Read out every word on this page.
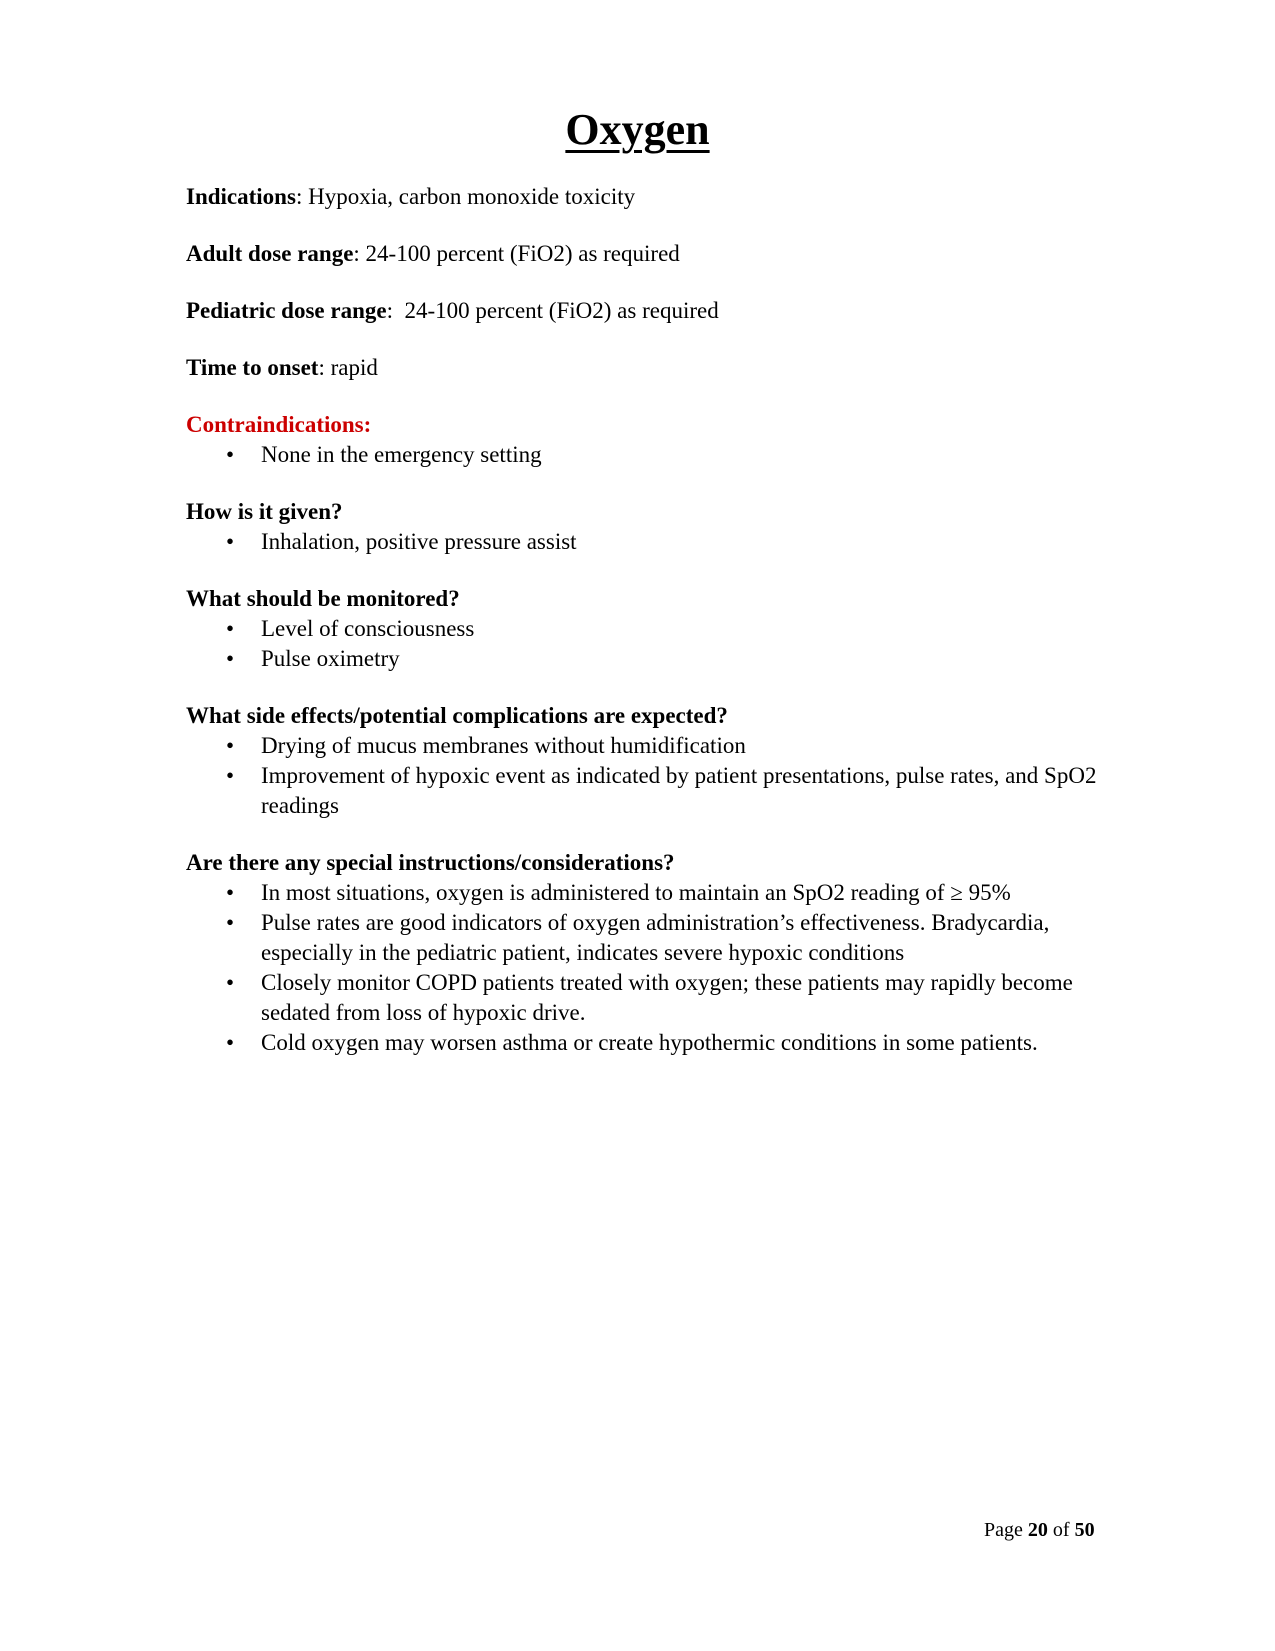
Oxygen

Indications: Hypoxia, carbon monoxide toxicity

Adult dose range: 24-100 percent (FiO2) as required

Pediatric dose range:  24-100 percent (FiO2) as required

Time to onset: rapid

Contraindications:

• None in the emergency setting

How is it given?

• Inhalation, positive pressure assist

What should be monitored?

• Level of consciousness
• Pulse oximetry

What side effects/potential complications are expected?

• Drying of mucus membranes without humidification
• Improvement of hypoxic event as indicated by patient presentations, pulse rates, and SpO2 readings

Are there any special instructions/considerations?

• In most situations, oxygen is administered to maintain an SpO2 reading of ≥ 95%
• Pulse rates are good indicators of oxygen administration’s effectiveness. Bradycardia, especially in the pediatric patient, indicates severe hypoxic conditions
• Closely monitor COPD patients treated with oxygen; these patients may rapidly become sedated from loss of hypoxic drive.
• Cold oxygen may worsen asthma or create hypothermic conditions in some patients.
Page 20 of 50
